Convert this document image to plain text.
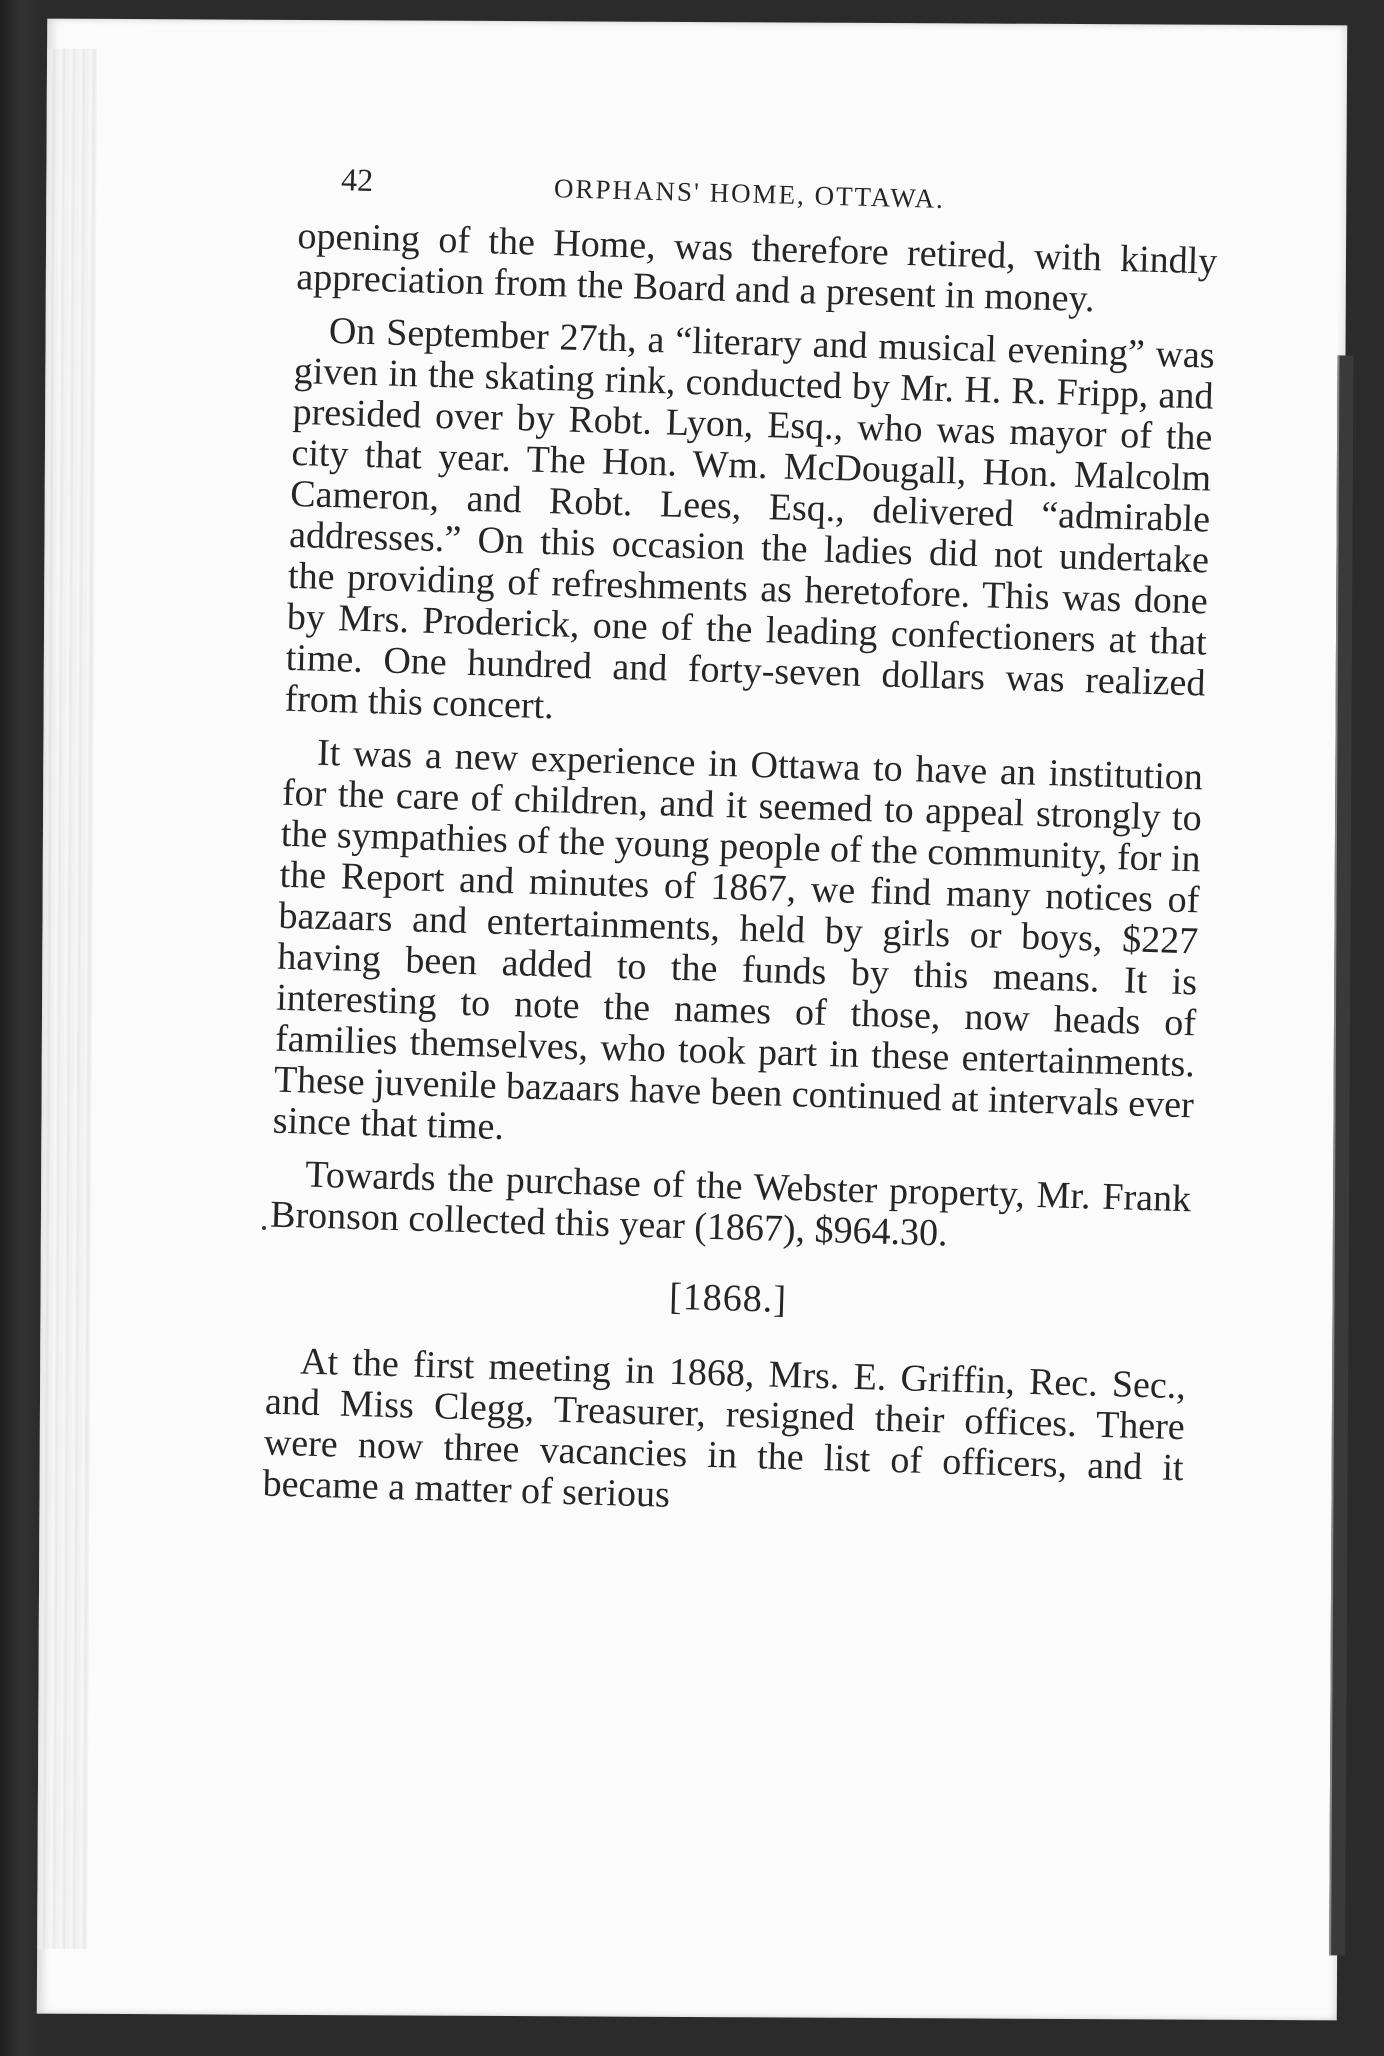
42	ORPHANS' HOME, OTTAWA.

opening of the Home, was therefore retired, with kindly appreciation from the Board and a present in money.

On September 27th, a “literary and musical evening” was given in the skating rink, conducted by Mr. H. R. Fripp, and presided over by Robt. Lyon, Esq., who was mayor of the city that year. The Hon. Wm. McDougall, Hon. Malcolm Cameron, and Robt. Lees, Esq., delivered “admirable addresses.” On this occasion the ladies did not undertake the providing of refreshments as heretofore. This was done by Mrs. Proderick, one of the leading confectioners at that time. One hundred and forty-seven dollars was realized from this concert.

It was a new experience in Ottawa to have an institution for the care of children, and it seemed to appeal strongly to the sympathies of the young people of the community, for in the Report and minutes of 1867, we find many notices of bazaars and entertainments, held by girls or boys, $227 having been added to the funds by this means. It is interesting to note the names of those, now heads of families themselves, who took part in these entertainments. These juvenile bazaars have been continued at intervals ever since that time.

Towards the purchase of the Webster property, Mr. Frank Bronson collected this year (1867), $964.30.

[1868.]

At the first meeting in 1868, Mrs. E. Griffin, Rec. Sec., and Miss Clegg, Treasurer, resigned their offices. There were now three vacancies in the list of officers, and it became a matter of serious
